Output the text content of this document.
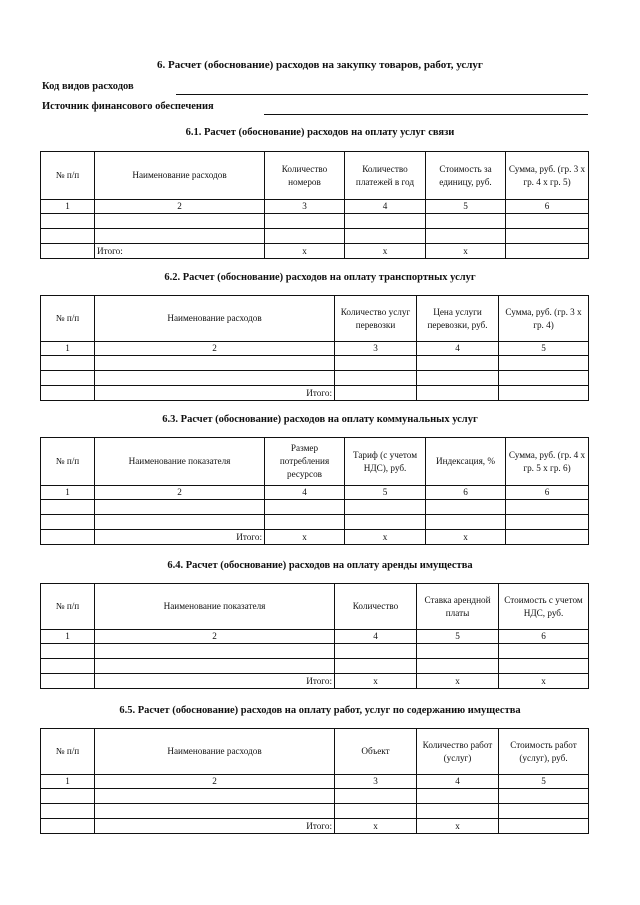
6. Расчет (обоснование) расходов на закупку товаров, работ, услуг
Код видов расходов
Источник финансового обеспечения
6.1. Расчет (обоснование) расходов на оплату услуг связи
№ п/п	Наименование расходов	Количество номеров	Количество платежей в год	Стоимость за единицу, руб.	Сумма, руб. (гр. 3 x гр. 4 x гр. 5)
1	2	3	4	5	6

	Итого:	x	x	x	
6.2. Расчет (обоснование) расходов на оплату транспортных услуг
№ п/п	Наименование расходов	Количество услуг перевозки	Цена услуги перевозки, руб.	Сумма, руб. (гр. 3 x гр. 4)
1	2	3	4	5

	Итого:			
6.3. Расчет (обоснование) расходов на оплату коммунальных услуг
№ п/п	Наименование показателя	Размер потребления ресурсов	Тариф (с учетом НДС), руб.	Индексация, %	Сумма, руб. (гр. 4 x гр. 5 x гр. 6)
1	2	4	5	6	6

	Итого:	x	x	x	
6.4. Расчет (обоснование) расходов на оплату аренды имущества
№ п/п	Наименование показателя	Количество	Ставка арендной платы	Стоимость с учетом НДС, руб.
1	2	4	5	6

	Итого:	x	x	x
6.5. Расчет (обоснование) расходов на оплату работ, услуг по содержанию имущества
№ п/п	Наименование расходов	Объект	Количество работ (услуг)	Стоимость работ (услуг), руб.
1	2	3	4	5

	Итого:	x	x	
